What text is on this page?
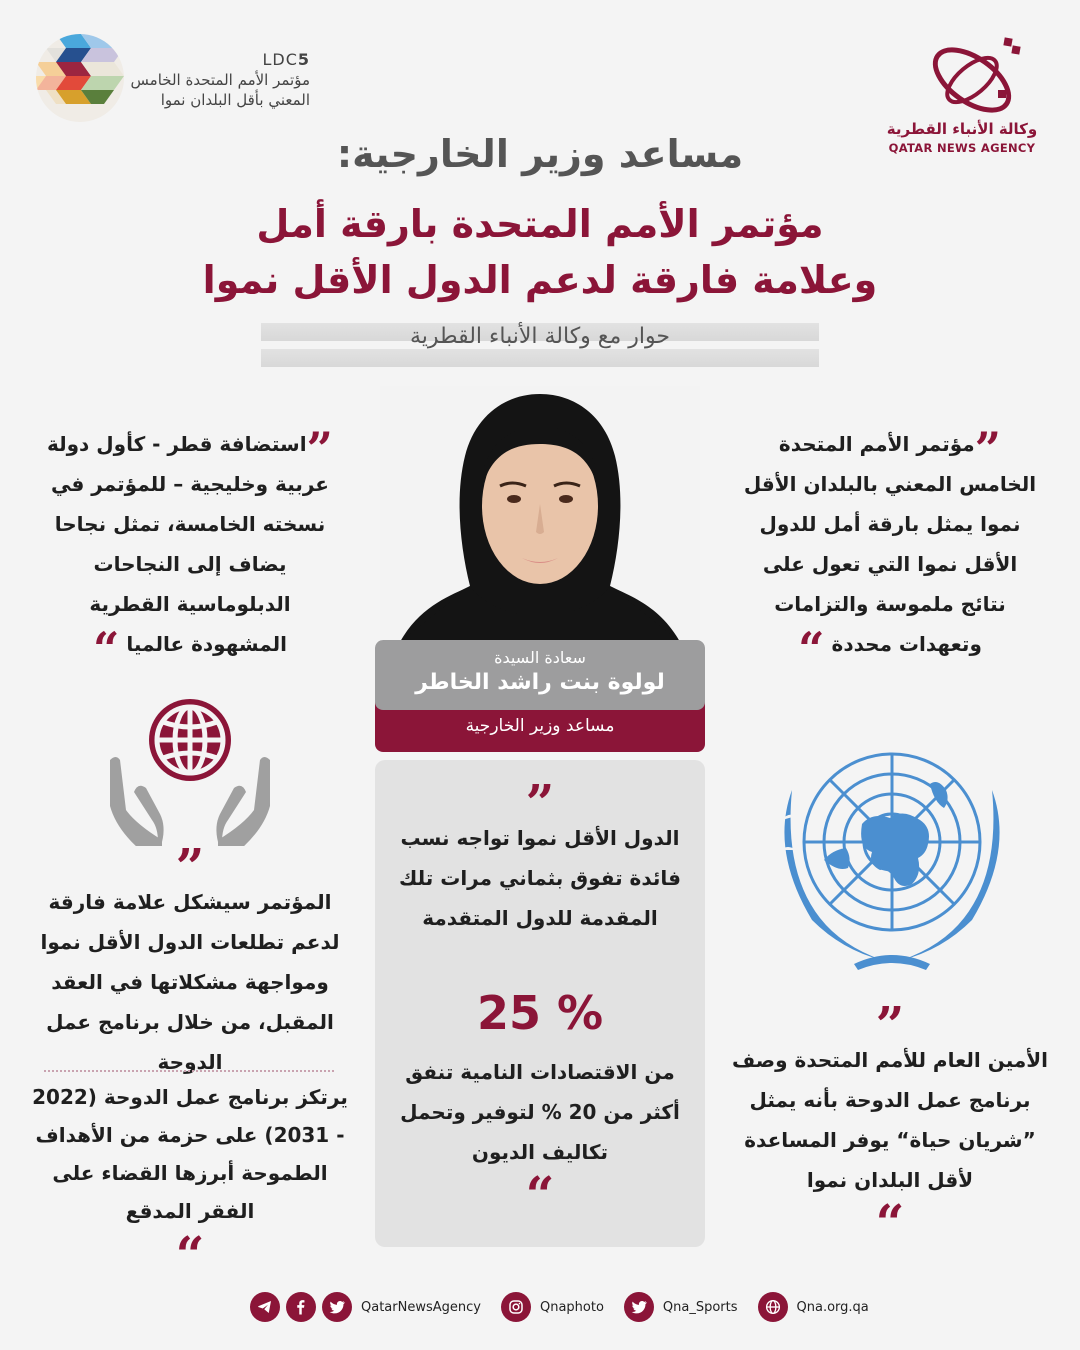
LDC5
مؤتمر الأمم المتحدة الخامس
المعني بأقل البلدان نموا
وكالة الأنباء القطرية
QATAR NEWS AGENCY
مساعد وزير الخارجية:
مؤتمر الأمم المتحدة بارقة أمل
وعلامة فارقة لدعم الدول الأقل نموا
حوار مع وكالة الأنباء القطرية
”مؤتمر الأمم المتحدة الخامس المعني بالبلدان الأقل نموا يمثل بارقة أمل للدول الأقل نموا التي تعول على نتائج ملموسة والتزامات وتعهدات محددة “
”استضافة قطر - كأول دولة عربية وخليجية – للمؤتمر في نسخته الخامسة، تمثل نجاحا يضاف إلى النجاحات الدبلوماسية القطرية المشهودة عالميا “	سعادة السيدة
لولوة بنت راشد الخاطر
مساعد وزير الخارجية
”
الدول الأقل نموا تواجه نسب فائدة تفوق بثماني مرات تلك المقدمة للدول المتقدمة
25 %
من الاقتصادات النامية تنفق أكثر من 20 % لتوفير وتحمل تكاليف الديون
“
”
المؤتمر سيشكل علامة فارقة لدعم تطلعات الدول الأقل نموا ومواجهة مشكلاتها في العقد المقبل، من خلال برنامج عمل الدوحة
يرتكز برنامج عمل الدوحة (2022 - 2031) على حزمة من الأهداف الطموحة أبرزها القضاء على الفقر المدقع
“
”
الأمين العام للأمم المتحدة وصف برنامج عمل الدوحة بأنه يمثل ”شريان حياة“ يوفر المساعدة لأقل البلدان نموا
“
QatarNewsAgency	Qnaphoto	Qna_Sports	Qna.org.qa
